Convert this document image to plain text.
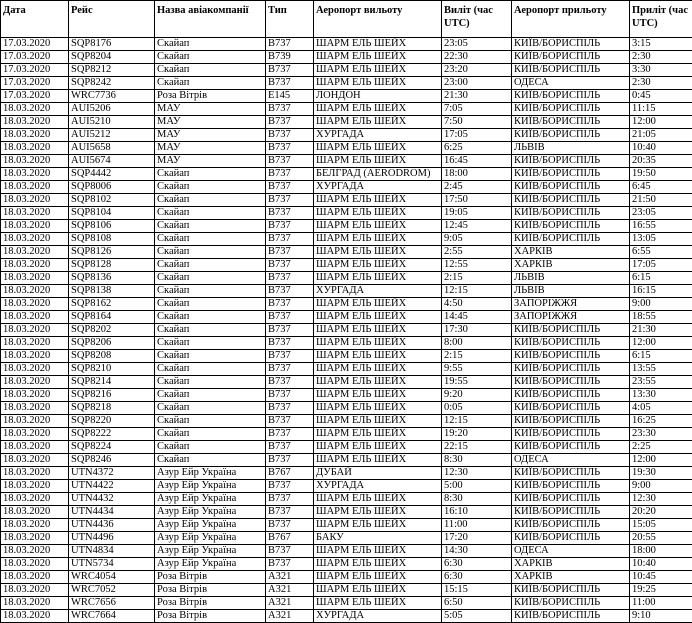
Дата	Рейс	Назва авіакомпанії	Тип	Аеропорт вильоту	Виліт (час UTC)	Аеропорт прильоту	Приліт (час UTC)
17.03.2020	SQP8176	Скайап	B737	ШАРМ ЕЛЬ ШЕЙХ	23:05	КИЇВ/БОРИСПІЛЬ	3:15
17.03.2020	SQP8204	Скайап	B739	ШАРМ ЕЛЬ ШЕЙХ	22:30	КИЇВ/БОРИСПІЛЬ	2:30
17.03.2020	SQP8212	Скайап	B737	ШАРМ ЕЛЬ ШЕЙХ	23:20	КИЇВ/БОРИСПІЛЬ	3:30
17.03.2020	SQP8242	Скайап	B737	ШАРМ ЕЛЬ ШЕЙХ	23:00	ОДЕСА	2:30
17.03.2020	WRC7736	Роза Вітрів	E145	ЛОНДОН	21:30	КИЇВ/БОРИСПІЛЬ	0:45
18.03.2020	AUI5206	МАУ	B737	ШАРМ ЕЛЬ ШЕЙХ	7:05	КИЇВ/БОРИСПІЛЬ	11:15
18.03.2020	AUI5210	МАУ	B737	ШАРМ ЕЛЬ ШЕЙХ	7:50	КИЇВ/БОРИСПІЛЬ	12:00
18.03.2020	AUI5212	МАУ	B737	ХУРГАДА	17:05	КИЇВ/БОРИСПІЛЬ	21:05
18.03.2020	AUI5658	МАУ	B737	ШАРМ ЕЛЬ ШЕЙХ	6:25	ЛЬВІВ	10:40
18.03.2020	AUI5674	МАУ	B737	ШАРМ ЕЛЬ ШЕЙХ	16:45	КИЇВ/БОРИСПІЛЬ	20:35
18.03.2020	SQP4442	Скайап	B737	БЕЛГРАД (AERODROM)	18:00	КИЇВ/БОРИСПІЛЬ	19:50
18.03.2020	SQP8006	Скайап	B737	ХУРГАДА	2:45	КИЇВ/БОРИСПІЛЬ	6:45
18.03.2020	SQP8102	Скайап	B737	ШАРМ ЕЛЬ ШЕЙХ	17:50	КИЇВ/БОРИСПІЛЬ	21:50
18.03.2020	SQP8104	Скайап	B737	ШАРМ ЕЛЬ ШЕЙХ	19:05	КИЇВ/БОРИСПІЛЬ	23:05
18.03.2020	SQP8106	Скайап	B737	ШАРМ ЕЛЬ ШЕЙХ	12:45	КИЇВ/БОРИСПІЛЬ	16:55
18.03.2020	SQP8108	Скайап	B737	ШАРМ ЕЛЬ ШЕЙХ	9:05	КИЇВ/БОРИСПІЛЬ	13:05
18.03.2020	SQP8126	Скайап	B737	ШАРМ ЕЛЬ ШЕЙХ	2:55	ХАРКІВ	6:55
18.03.2020	SQP8128	Скайап	B737	ШАРМ ЕЛЬ ШЕЙХ	12:55	ХАРКІВ	17:05
18.03.2020	SQP8136	Скайап	B737	ШАРМ ЕЛЬ ШЕЙХ	2:15	ЛЬВІВ	6:15
18.03.2020	SQP8138	Скайап	B737	ХУРГАДА	12:15	ЛЬВІВ	16:15
18.03.2020	SQP8162	Скайап	B737	ШАРМ ЕЛЬ ШЕЙХ	4:50	ЗАПОРІЖЖЯ	9:00
18.03.2020	SQP8164	Скайап	B737	ШАРМ ЕЛЬ ШЕЙХ	14:45	ЗАПОРІЖЖЯ	18:55
18.03.2020	SQP8202	Скайап	B737	ШАРМ ЕЛЬ ШЕЙХ	17:30	КИЇВ/БОРИСПІЛЬ	21:30
18.03.2020	SQP8206	Скайап	B737	ШАРМ ЕЛЬ ШЕЙХ	8:00	КИЇВ/БОРИСПІЛЬ	12:00
18.03.2020	SQP8208	Скайап	B737	ШАРМ ЕЛЬ ШЕЙХ	2:15	КИЇВ/БОРИСПІЛЬ	6:15
18.03.2020	SQP8210	Скайап	B737	ШАРМ ЕЛЬ ШЕЙХ	9:55	КИЇВ/БОРИСПІЛЬ	13:55
18.03.2020	SQP8214	Скайап	B737	ШАРМ ЕЛЬ ШЕЙХ	19:55	КИЇВ/БОРИСПІЛЬ	23:55
18.03.2020	SQP8216	Скайап	B737	ШАРМ ЕЛЬ ШЕЙХ	9:20	КИЇВ/БОРИСПІЛЬ	13:30
18.03.2020	SQP8218	Скайап	B737	ШАРМ ЕЛЬ ШЕЙХ	0:05	КИЇВ/БОРИСПІЛЬ	4:05
18.03.2020	SQP8220	Скайап	B737	ШАРМ ЕЛЬ ШЕЙХ	12:15	КИЇВ/БОРИСПІЛЬ	16:25
18.03.2020	SQP8222	Скайап	B737	ШАРМ ЕЛЬ ШЕЙХ	19:20	КИЇВ/БОРИСПІЛЬ	23:30
18.03.2020	SQP8224	Скайап	B737	ШАРМ ЕЛЬ ШЕЙХ	22:15	КИЇВ/БОРИСПІЛЬ	2:25
18.03.2020	SQP8246	Скайап	B737	ШАРМ ЕЛЬ ШЕЙХ	8:30	ОДЕСА	12:00
18.03.2020	UTN4372	Азур Ейр Україна	B767	ДУБАЙ	12:30	КИЇВ/БОРИСПІЛЬ	19:30
18.03.2020	UTN4422	Азур Ейр Україна	B737	ХУРГАДА	5:00	КИЇВ/БОРИСПІЛЬ	9:00
18.03.2020	UTN4432	Азур Ейр Україна	B737	ШАРМ ЕЛЬ ШЕЙХ	8:30	КИЇВ/БОРИСПІЛЬ	12:30
18.03.2020	UTN4434	Азур Ейр Україна	B737	ШАРМ ЕЛЬ ШЕЙХ	16:10	КИЇВ/БОРИСПІЛЬ	20:20
18.03.2020	UTN4436	Азур Ейр Україна	B737	ШАРМ ЕЛЬ ШЕЙХ	11:00	КИЇВ/БОРИСПІЛЬ	15:05
18.03.2020	UTN4496	Азур Ейр Україна	B767	БАКУ	17:20	КИЇВ/БОРИСПІЛЬ	20:55
18.03.2020	UTN4834	Азур Ейр Україна	B737	ШАРМ ЕЛЬ ШЕЙХ	14:30	ОДЕСА	18:00
18.03.2020	UTN5734	Азур Ейр Україна	B737	ШАРМ ЕЛЬ ШЕЙХ	6:30	ХАРКІВ	10:40
18.03.2020	WRC4054	Роза Вітрів	A321	ШАРМ ЕЛЬ ШЕЙХ	6:30	ХАРКІВ	10:45
18.03.2020	WRC7052	Роза Вітрів	A321	ШАРМ ЕЛЬ ШЕЙХ	15:15	КИЇВ/БОРИСПІЛЬ	19:25
18.03.2020	WRC7656	Роза Вітрів	A321	ШАРМ ЕЛЬ ШЕЙХ	6:50	КИЇВ/БОРИСПІЛЬ	11:00
18.03.2020	WRC7664	Роза Вітрів	A321	ХУРГАДА	5:05	КИЇВ/БОРИСПІЛЬ	9:10
